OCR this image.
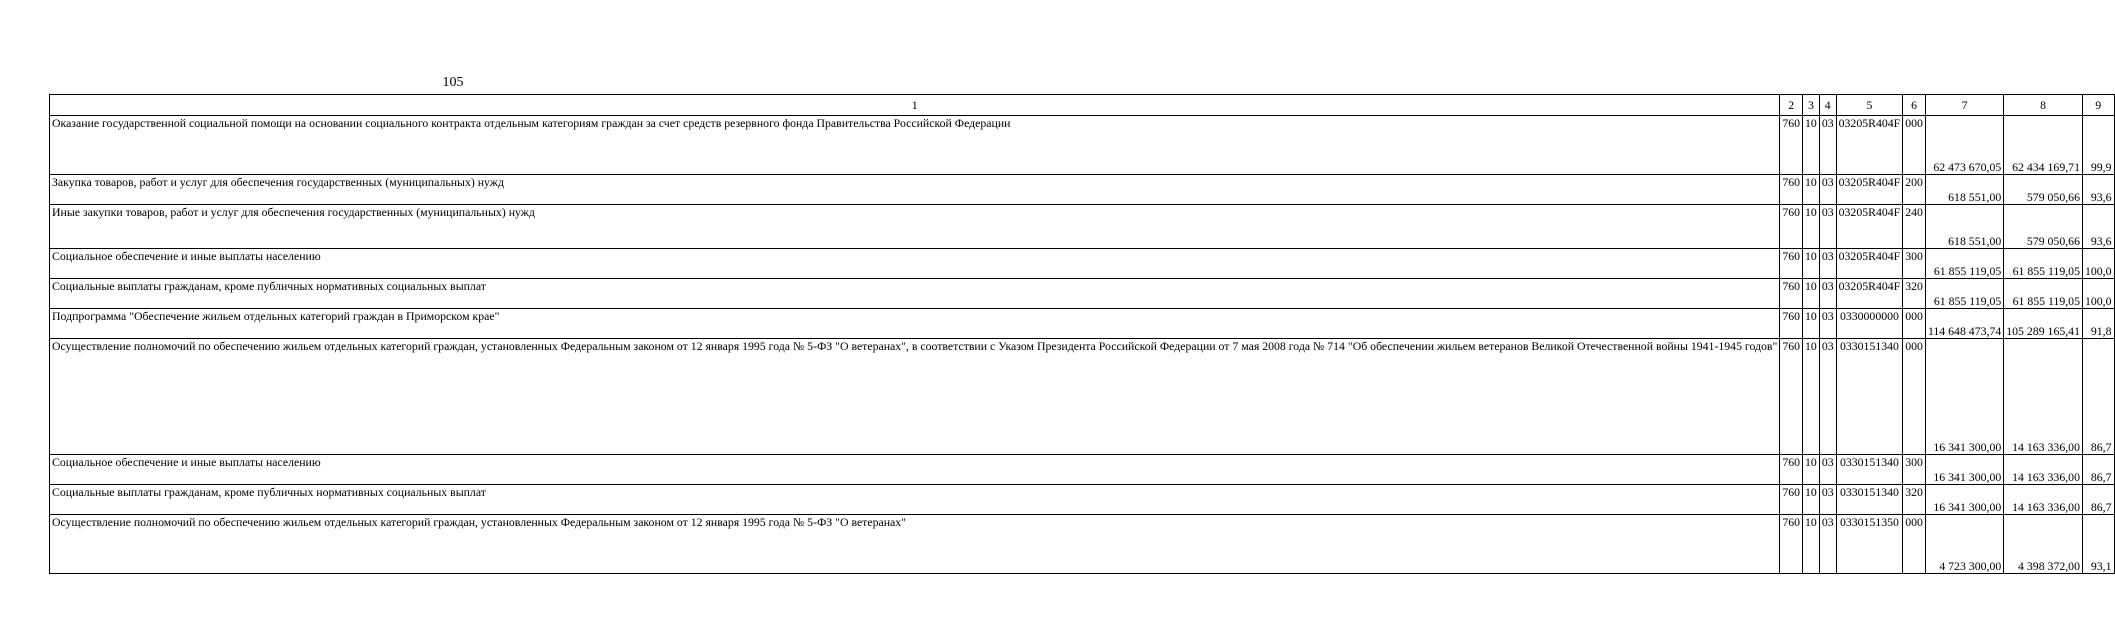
105
1	2	3	4	5	6	7	8	9
Оказание государственной социальной помощи на основании социального контракта отдельным категориям граждан за счет средств резервного фонда Правительства Российской Федерации	760	10	03	03205R404F	000	62 473 670,05	62 434 169,71	99,9
Закупка товаров, работ и услуг для обеспечения государственных (муниципальных) нужд	760	10	03	03205R404F	200	618 551,00	579 050,66	93,6
Иные закупки товаров, работ и услуг для обеспечения государственных (муниципальных) нужд	760	10	03	03205R404F	240	618 551,00	579 050,66	93,6
Социальное обеспечение и иные выплаты населению	760	10	03	03205R404F	300	61 855 119,05	61 855 119,05	100,0
Социальные выплаты гражданам, кроме публичных нормативных социальных выплат	760	10	03	03205R404F	320	61 855 119,05	61 855 119,05	100,0
Подпрограмма "Обеспечение жильем отдельных категорий граждан в Приморском крае"	760	10	03	0330000000	000	114 648 473,74	105 289 165,41	91,8
Осуществление полномочий по обеспечению жильем отдельных категорий граждан, установленных Федеральным законом от 12 января 1995 года № 5-ФЗ "О ветеранах", в соответствии с Указом Президента Российской Федерации от 7 мая 2008 года № 714 "Об обеспечении жильем ветеранов Великой Отечественной войны 1941-1945 годов"	760	10	03	0330151340	000	16 341 300,00	14 163 336,00	86,7
Социальное обеспечение и иные выплаты населению	760	10	03	0330151340	300	16 341 300,00	14 163 336,00	86,7
Социальные выплаты гражданам, кроме публичных нормативных социальных выплат	760	10	03	0330151340	320	16 341 300,00	14 163 336,00	86,7
Осуществление полномочий по обеспечению жильем отдельных категорий граждан, установленных Федеральным законом от 12 января 1995 года № 5-ФЗ "О ветеранах"	760	10	03	0330151350	000	4 723 300,00	4 398 372,00	93,1
